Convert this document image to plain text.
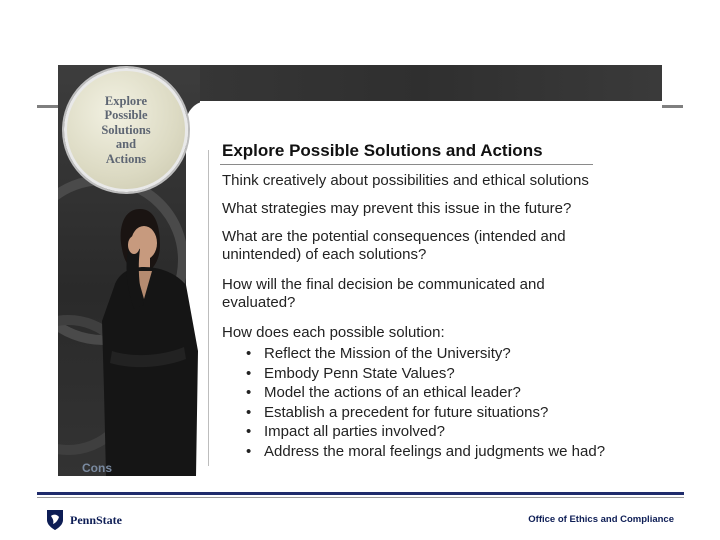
Explore
Possible
Solutions
and
Actions
Cons
Explore Possible Solutions and Actions

Think creatively about possibilities and ethical solutions

What strategies may prevent this issue in the future?

What are the potential consequences (intended and unintended) of each solutions?

How will the final decision be communicated and evaluated?

How does each possible solution:

• Reflect the Mission of the University?
• Embody Penn State Values?
• Model the actions of an ethical leader?
• Establish a precedent for future situations?
• Impact all parties involved?
• Address the moral feelings and judgments we had?
PennState	Office of Ethics and Compliance
